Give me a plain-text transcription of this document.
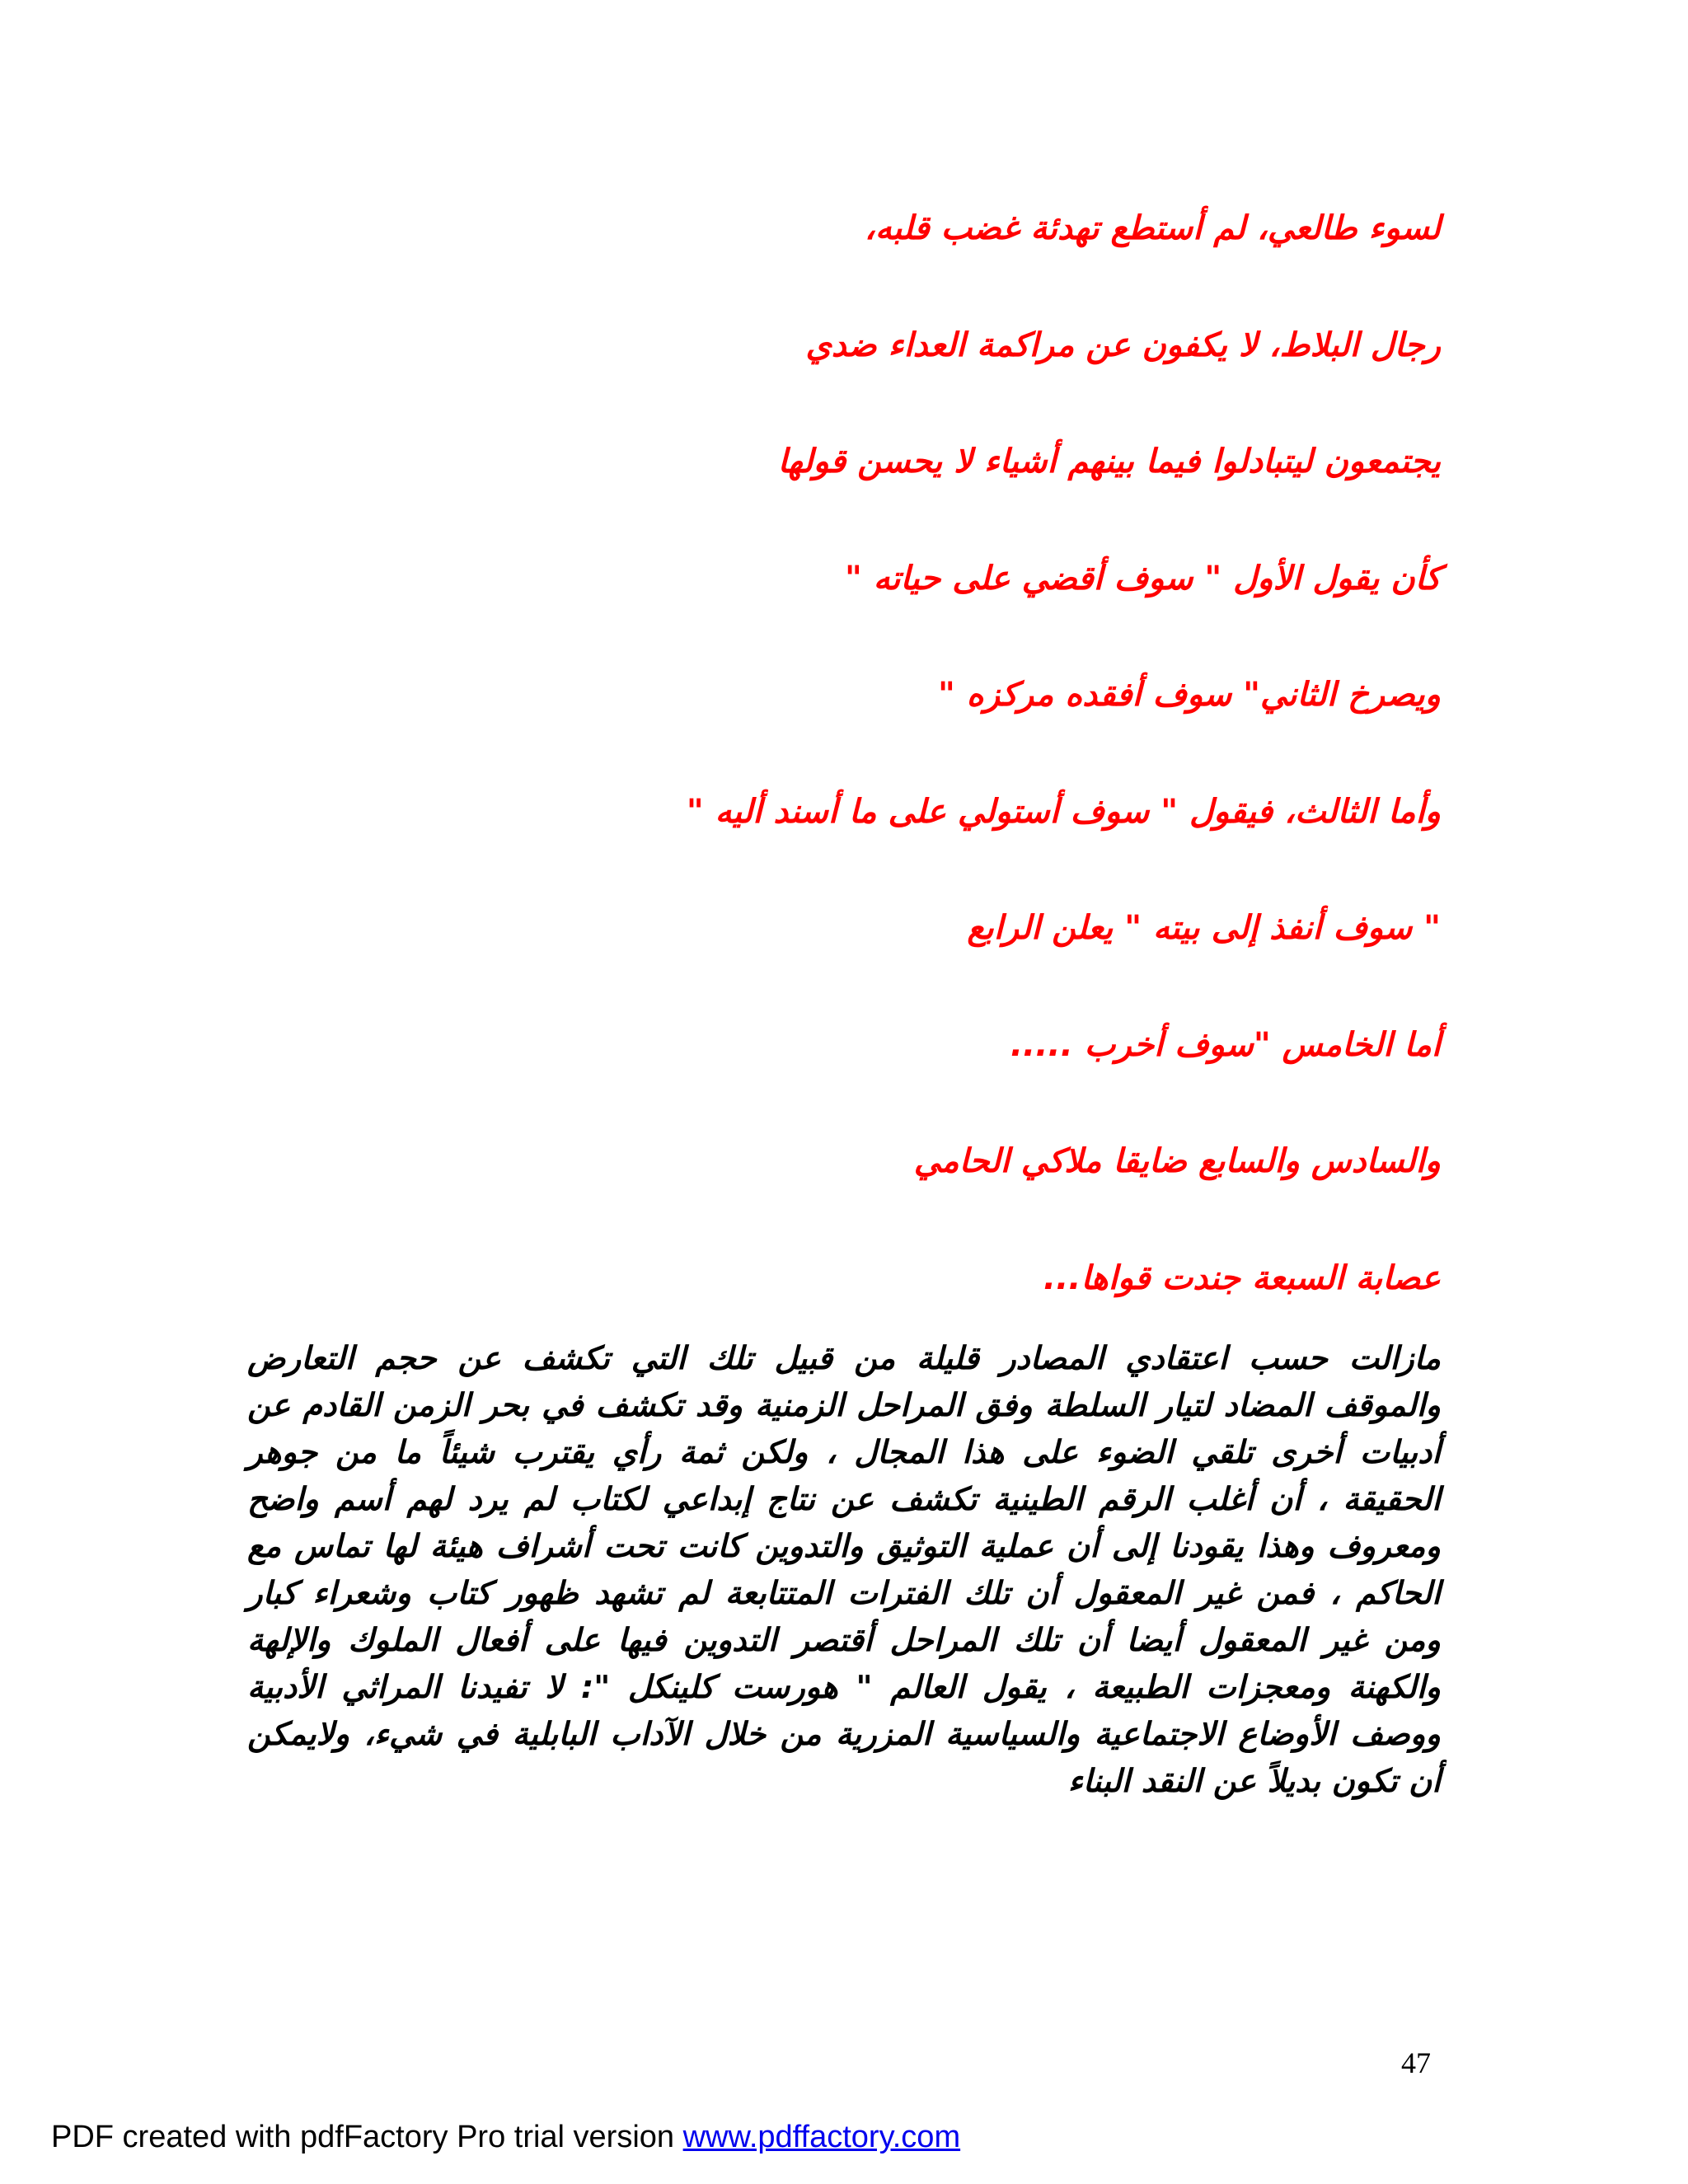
لسوء طالعي، لم أستطع تهدئة غضب قلبه،
رجال البلاط، لا يكفون عن مراكمة العداء ضدي
يجتمعون ليتبادلوا فيما بينهم أشياء لا يحسن قولها
كأن يقول الأول " سوف أقضي على حياته "
ويصرخ الثاني" سوف أفقده مركزه "
وأما الثالث، فيقول " سوف أستولي على ما أسند أليه "
" سوف أنفذ إلى بيته " يعلن الرابع
أما الخامس "سوف أخرب .....
والسادس والسابع ضايقا ملاكي الحامي
عصابة السبعة جندت قواها...

مازالت حسب اعتقادي المصادر قليلة من قبيل تلك التي تكشف عن حجم التعارض والموقف المضاد لتيار السلطة وفق المراحل الزمنية وقد تكشف في بحر الزمن القادم عن أدبيات أخرى تلقي الضوء على هذا المجال ، ولكن ثمة رأي يقترب شيئاً ما من جوهر الحقيقة ، أن أغلب الرقم الطينية تكشف عن نتاج إبداعي لكتاب لم يرد لهم أسم واضح ومعروف وهذا يقودنا إلى أن عملية التوثيق والتدوين كانت تحت أشراف هيئة لها تماس مع الحاكم ، فمن غير المعقول أن تلك الفترات المتتابعة لم تشهد ظهور كتاب وشعراء كبار ومن غير المعقول أيضا أن تلك المراحل أقتصر التدوين فيها على أفعال الملوك والإلهة والكهنة ومعجزات الطبيعة ، يقول العالم " هورست كلينكل ": لا تفيدنا المراثي الأدبية ووصف الأوضاع الاجتماعية والسياسية المزرية من خلال الآداب البابلية في شيء، ولايمكن أن تكون بديلاً عن النقد البناء

47
PDF created with pdfFactory Pro trial version www.pdffactory.com
